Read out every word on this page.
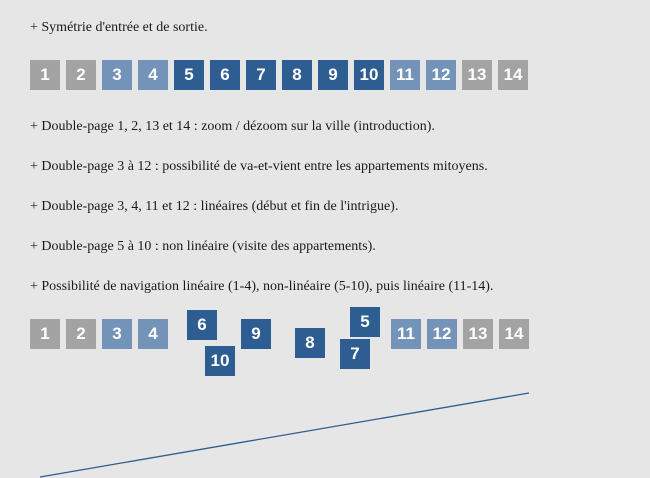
+ Symétrie d'entrée et de sortie.
+ Double-page 1, 2, 13 et 14 : zoom / dézoom sur la ville (introduction).
+ Double-page 3 à 12 : possibilité de va-et-vient entre les appartements mitoyens.
+ Double-page 3, 4, 11 et 12 : linéaires (début et fin de l'intrigue).
+ Double-page 5 à 10 : non linéaire (visite des appartements).
+ Possibilité de navigation linéaire (1-4), non-linéaire (5-10), puis linéaire (11-14).
1	2	3	4	5	6	7	8	9	10	11	12	13	14
1	2	3	4	6
10
9	8
5
7
11	12	13	14
